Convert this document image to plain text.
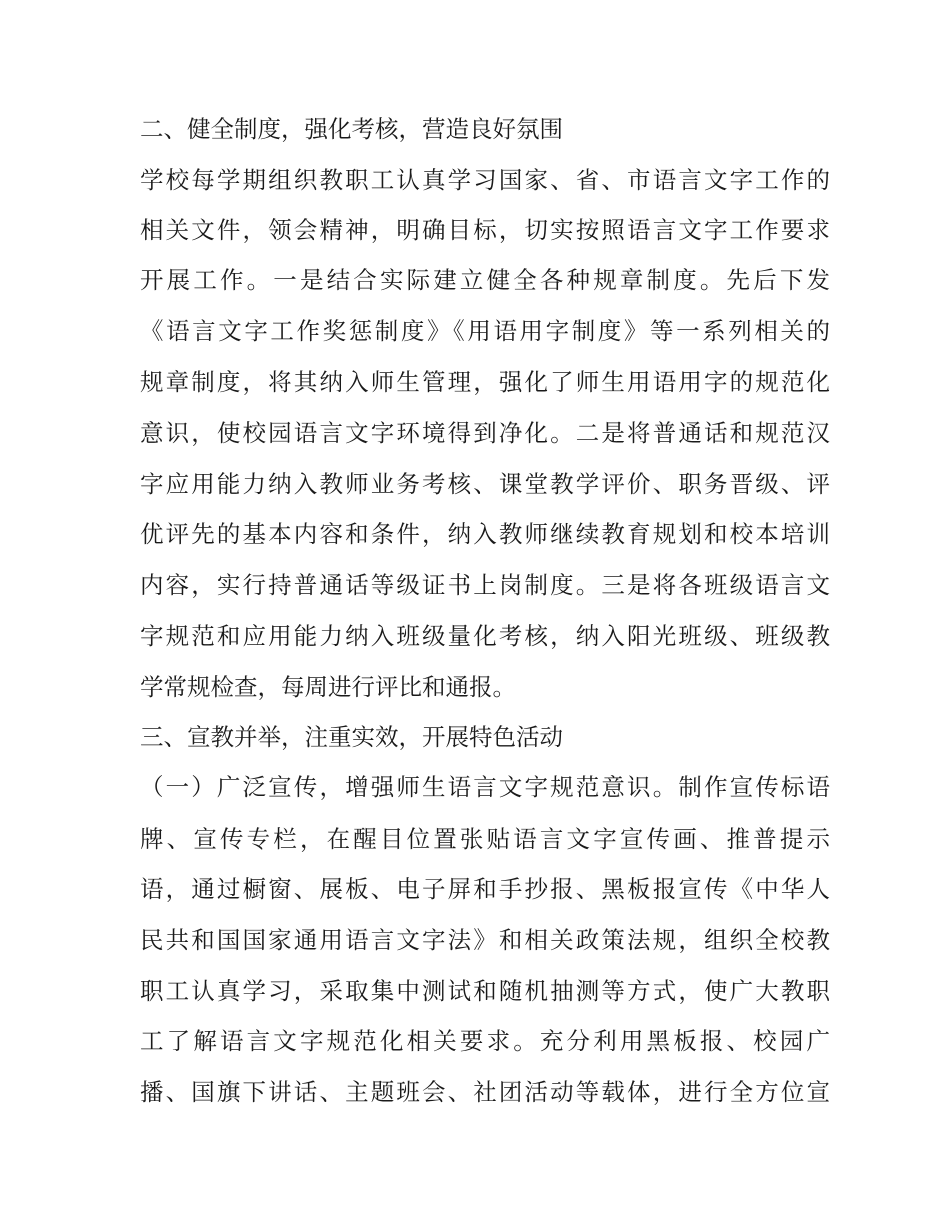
二、健全制度，强化考核，营造良好氛围
学校每学期组织教职工认真学习国家、省、市语言文字工作的
相关文件，领会精神，明确目标，切实按照语言文字工作要求
开展工作。一是结合实际建立健全各种规章制度。先后下发
《语言文字工作奖惩制度》《用语用字制度》等一系列相关的
规章制度，将其纳入师生管理，强化了师生用语用字的规范化
意识，使校园语言文字环境得到净化。二是将普通话和规范汉
字应用能力纳入教师业务考核、课堂教学评价、职务晋级、评
优评先的基本内容和条件，纳入教师继续教育规划和校本培训
内容，实行持普通话等级证书上岗制度。三是将各班级语言文
字规范和应用能力纳入班级量化考核，纳入阳光班级、班级教
学常规检查，每周进行评比和通报。
三、宣教并举，注重实效，开展特色活动
（一）广泛宣传，增强师生语言文字规范意识。制作宣传标语
牌、宣传专栏，在醒目位置张贴语言文字宣传画、推普提示
语，通过橱窗、展板、电子屏和手抄报、黑板报宣传《中华人
民共和国国家通用语言文字法》和相关政策法规，组织全校教
职工认真学习，采取集中测试和随机抽测等方式，使广大教职
工了解语言文字规范化相关要求。充分利用黑板报、校园广
播、国旗下讲话、主题班会、社团活动等载体，进行全方位宣
